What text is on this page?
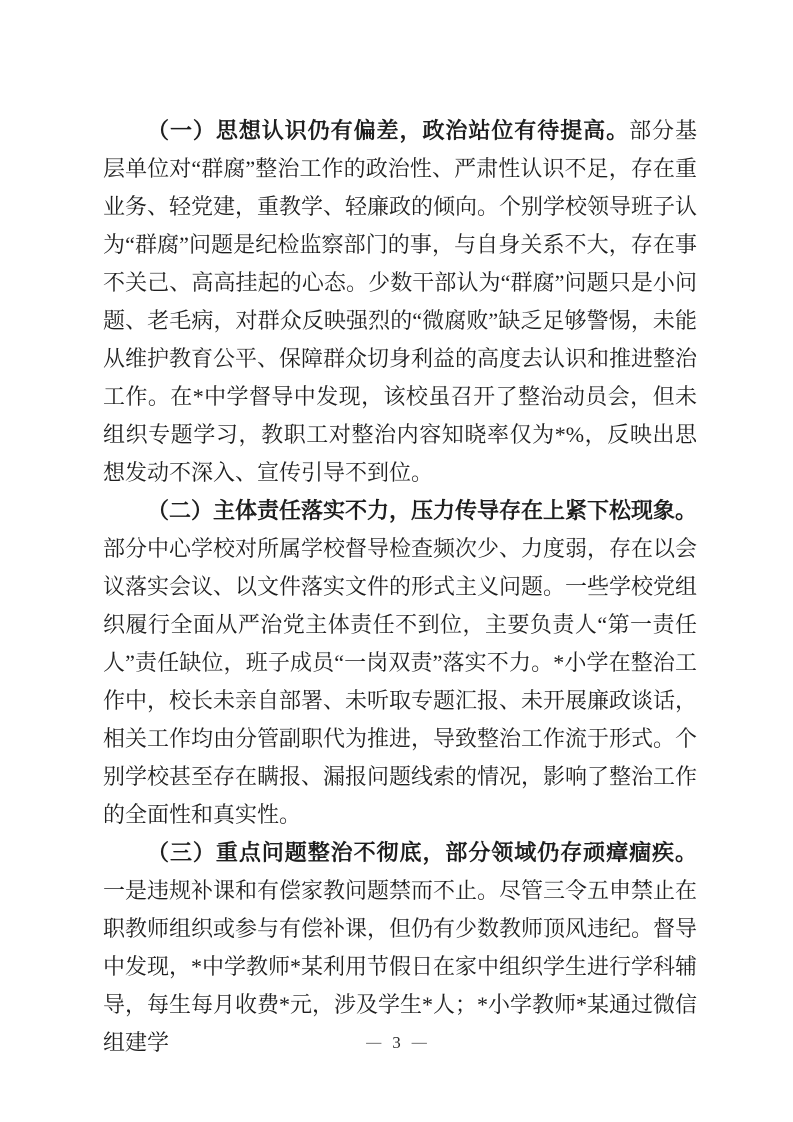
（一）思想认识仍有偏差，政治站位有待提高。部分基层单位对“群腐”整治工作的政治性、严肃性认识不足，存在重业务、轻党建，重教学、轻廉政的倾向。个别学校领导班子认为“群腐”问题是纪检监察部门的事，与自身关系不大，存在事不关己、高高挂起的心态。少数干部认为“群腐”问题只是小问题、老毛病，对群众反映强烈的“微腐败”缺乏足够警惕，未能从维护教育公平、保障群众切身利益的高度去认识和推进整治工作。在*中学督导中发现，该校虽召开了整治动员会，但未组织专题学习，教职工对整治内容知晓率仅为*%，反映出思想发动不深入、宣传引导不到位。

（二）主体责任落实不力，压力传导存在上紧下松现象。部分中心学校对所属学校督导检查频次少、力度弱，存在以会议落实会议、以文件落实文件的形式主义问题。一些学校党组织履行全面从严治党主体责任不到位，主要负责人“第一责任人”责任缺位，班子成员“一岗双责”落实不力。*小学在整治工作中，校长未亲自部署、未听取专题汇报、未开展廉政谈话，相关工作均由分管副职代为推进，导致整治工作流于形式。个别学校甚至存在瞒报、漏报问题线索的情况，影响了整治工作的全面性和真实性。

（三）重点问题整治不彻底，部分领域仍存顽瘴痼疾。一是违规补课和有偿家教问题禁而不止。尽管三令五申禁止在职教师组织或参与有偿补课，但仍有少数教师顶风违纪。督导中发现，*中学教师*某利用节假日在家中组织学生进行学科辅导，每生每月收费*元，涉及学生*人；*小学教师*某通过微信组建学	— 3 —
